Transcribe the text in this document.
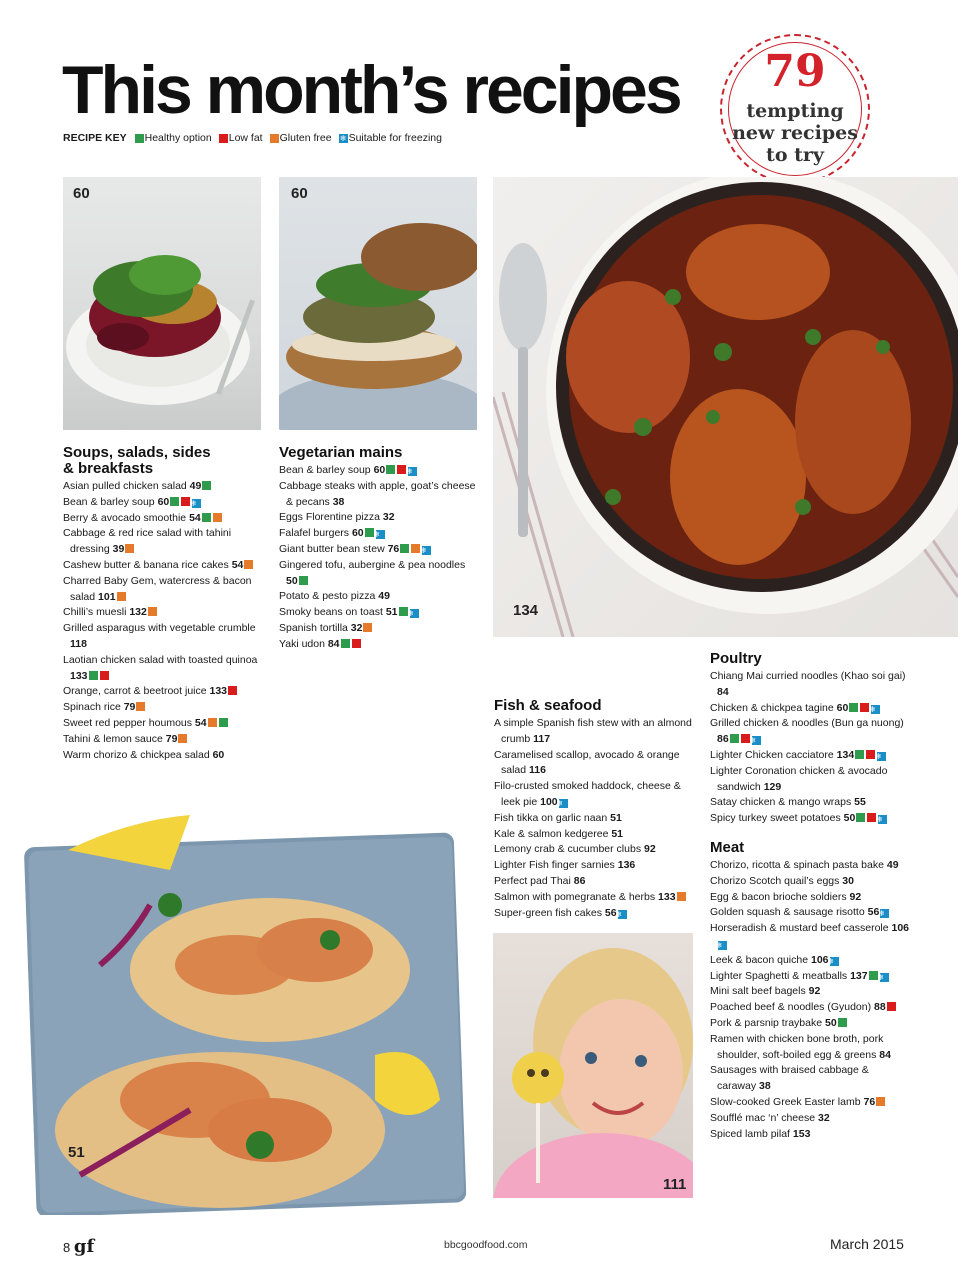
This month’s recipes
RECIPE KEY Healthy option Low fat Gluten free ❄ Suitable for freezing
79
tempting
new recipes
to try
60	60
134
51
111
Soups, salads, sides
& breakfasts
Asian pulled chicken salad 49
Bean & barley soup 60	❄
Berry & avocado smoothie 54
Cabbage & red rice salad with tahini dressing 39
Cashew butter & banana rice cakes 54
Charred Baby Gem, watercress & bacon salad 101
Chilli’s muesli 132
Grilled asparagus with vegetable crumble 118
Laotian chicken salad with toasted quinoa 133
Orange, carrot & beetroot juice 133
Spinach rice 79
Sweet red pepper houmous 54
Tahini & lemon sauce 79
Warm chorizo & chickpea salad 60
Vegetarian mains
Bean & barley soup 60	❄
Cabbage steaks with apple, goat’s cheese & pecans 38
Eggs Florentine pizza 32
Falafel burgers 60 ❄
Giant butter bean stew 76	❄
Gingered tofu, aubergine & pea noodles 50
Potato & pesto pizza 49
Smoky beans on toast 51 ❄
Spanish tortilla 32
Yaki udon 84
Fish & seafood
A simple Spanish fish stew with an almond crumb 117
Caramelised scallop, avocado & orange salad 116
Filo-crusted smoked haddock, cheese & leek pie 100❄
Fish tikka on garlic naan 51
Kale & salmon kedgeree 51
Lemony crab & cucumber clubs 92
Lighter Fish finger sarnies 136
Perfect pad Thai 86
Salmon with pomegranate & herbs 133
Super-green fish cakes 56❄
Poultry
Chiang Mai curried noodles (Khao soi gai) 84
Chicken & chickpea tagine 60	❄
Grilled chicken & noodles (Bun ga nuong) 86	❄
Lighter Chicken cacciatore 134	❄
Lighter Coronation chicken & avocado sandwich 129
Satay chicken & mango wraps 55
Spicy turkey sweet potatoes 50	❄
Meat
Chorizo, ricotta & spinach pasta bake 49
Chorizo Scotch quail’s eggs 30
Egg & bacon brioche soldiers 92
Golden squash & sausage risotto 56❄
Horseradish & mustard beef casserole 106❄
Leek & bacon quiche 106❄
Lighter Spaghetti & meatballs 137 ❄
Mini salt beef bagels 92
Poached beef & noodles (Gyudon) 88
Pork & parsnip traybake 50
Ramen with chicken bone broth, pork shoulder, soft-boiled egg & greens 84
Sausages with braised cabbage & caraway 38
Slow-cooked Greek Easter lamb 76
Soufflé mac ‘n’ cheese 32
Spiced lamb pilaf 153
8 gf	bbcgoodfood.com	March 2015
